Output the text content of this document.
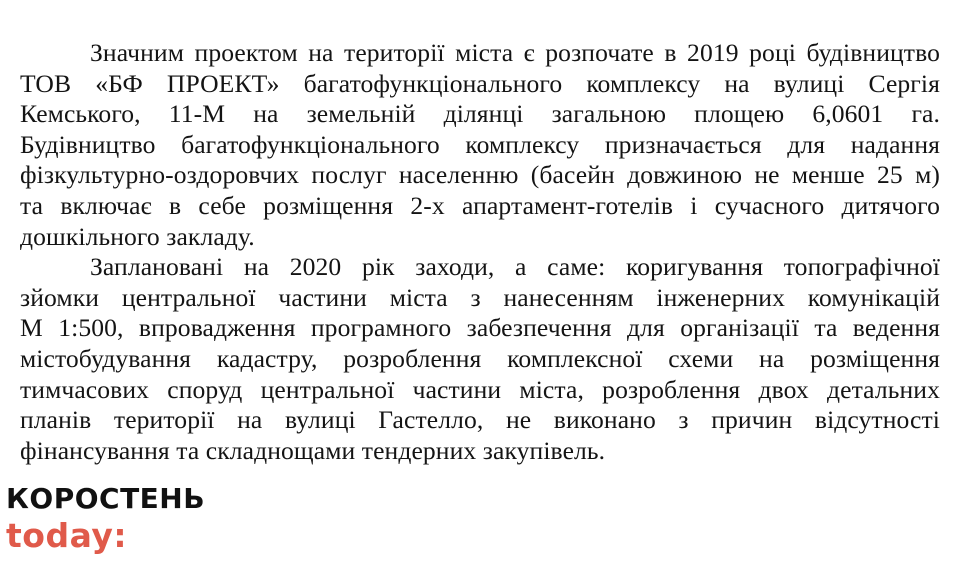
Значним проектом на території міста є розпочате в 2019 році будівництво
ТОВ «БФ ПРОЕКТ» багатофункціонального комплексу на вулиці Сергія
Кемського, 11-М на земельній ділянці загальною площею 6,0601 га.
Будівництво багатофункціонального комплексу призначається для надання
фізкультурно-оздоровчих послуг населенню (басейн довжиною не менше 25 м)
та включає в себе розміщення 2-х апартамент-готелів і сучасного дитячого
дошкільного закладу.
Заплановані на 2020 рік заходи, а саме: коригування топографічної
зйомки центральної частини міста з нанесенням інженерних комунікацій
М 1:500, впровадження програмного забезпечення для організації та ведення
містобудування кадастру, розроблення комплексної схеми на розміщення
тимчасових споруд центральної частини міста, розроблення двох детальних
планів території на вулиці Гастелло, не виконано з причин відсутності
фінансування та складнощами тендерних закупівель.
КОРОСТЕНЬ
today:
